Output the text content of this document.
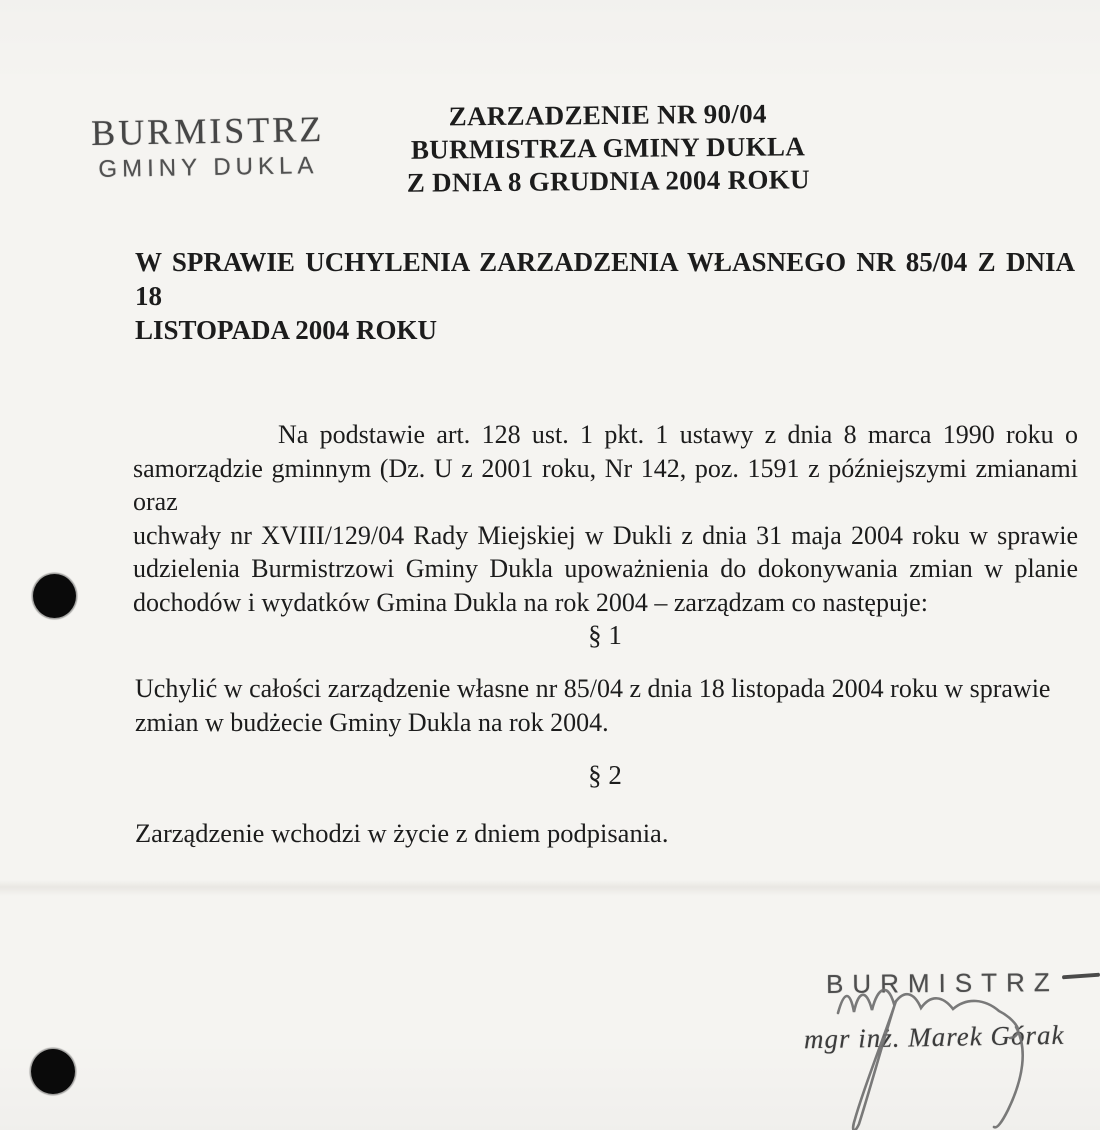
BURMISTRZ
GMINY DUKLA
ZARZADZENIE NR 90/04
BURMISTRZA GMINY DUKLA
Z DNIA 8 GRUDNIA 2004 ROKU
W SPRAWIE UCHYLENIA ZARZADZENIA WŁASNEGO NR 85/04 Z DNIA 18
LISTOPADA 2004 ROKU
Na podstawie art. 128 ust. 1 pkt. 1 ustawy z dnia 8 marca 1990 roku o
samorządzie gminnym (Dz. U z 2001 roku, Nr 142, poz. 1591 z późniejszymi zmianami oraz
uchwały nr XVIII/129/04 Rady Miejskiej w Dukli z dnia 31 maja 2004 roku w sprawie
udzielenia Burmistrzowi Gminy Dukla upoważnienia do dokonywania zmian w planie
dochodów i wydatków Gmina Dukla na rok 2004 – zarządzam co następuje:
§ 1
Uchylić w całości zarządzenie własne nr 85/04 z dnia 18 listopada 2004 roku w sprawie
zmian w budżecie Gminy Dukla na rok 2004.
§ 2
Zarządzenie wchodzi w życie z dniem podpisania.
BURMISTRZ
mgr inż. Marek Górak
